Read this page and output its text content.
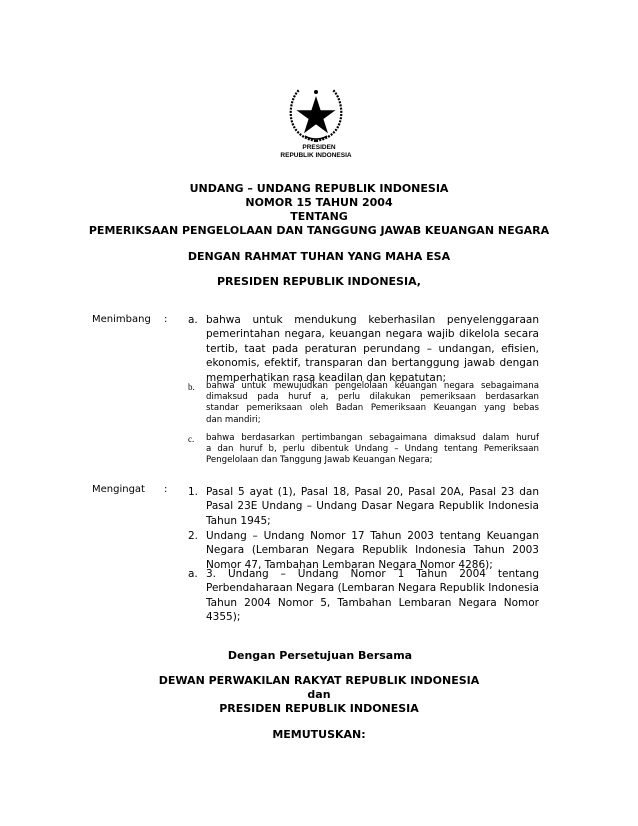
PRESIDEN
REPUBLIK INDONESIA
UNDANG – UNDANG REPUBLIK INDONESIA
NOMOR 15 TAHUN 2004
TENTANG
PEMERIKSAAN PENGELOLAAN DAN TANGGUNG JAWAB KEUANGAN NEGARA
DENGAN RAHMAT TUHAN YANG MAHA ESA
PRESIDEN REPUBLIK INDONESIA,
Menimbang : a. bahwa untuk mendukung keberhasilan penyelenggaraan
pemerintahan negara, keuangan negara wajib dikelola secara
tertib, taat pada peraturan perundang – undangan, efisien,
ekonomis, efektif, transparan dan bertanggung jawab dengan
memperhatikan rasa keadilan dan kepatutan;
b. bahwa untuk mewujudkan pengelolaan keuangan negara sebagaimana
dimaksud pada huruf a, perlu dilakukan pemeriksaan berdasarkan
standar pemeriksaan oleh Badan Pemeriksaan Keuangan yang bebas
dan mandiri;
c. bahwa berdasarkan pertimbangan sebagaimana dimaksud dalam huruf
a dan huruf b, perlu dibentuk Undang – Undang tentang Pemeriksaan
Pengelolaan dan Tanggung Jawab Keuangan Negara;
Mengingat : 1. Pasal 5 ayat (1), Pasal 18, Pasal 20, Pasal 20A, Pasal 23 dan
Pasal 23E Undang – Undang Dasar Negara Republik Indonesia
Tahun 1945;
2. Undang – Undang Nomor 17 Tahun 2003 tentang Keuangan
Negara (Lembaran Negara Republik Indonesia Tahun 2003
Nomor 47, Tambahan Lembaran Negara Nomor 4286);
a. 3. Undang – Undang Nomor 1 Tahun 2004 tentang
Perbendaharaan Negara (Lembaran Negara Republik Indonesia
Tahun 2004 Nomor 5, Tambahan Lembaran Negara Nomor
4355);
Dengan Persetujuan Bersama
DEWAN PERWAKILAN RAKYAT REPUBLIK INDONESIA
dan
PRESIDEN REPUBLIK INDONESIA
MEMUTUSKAN:
